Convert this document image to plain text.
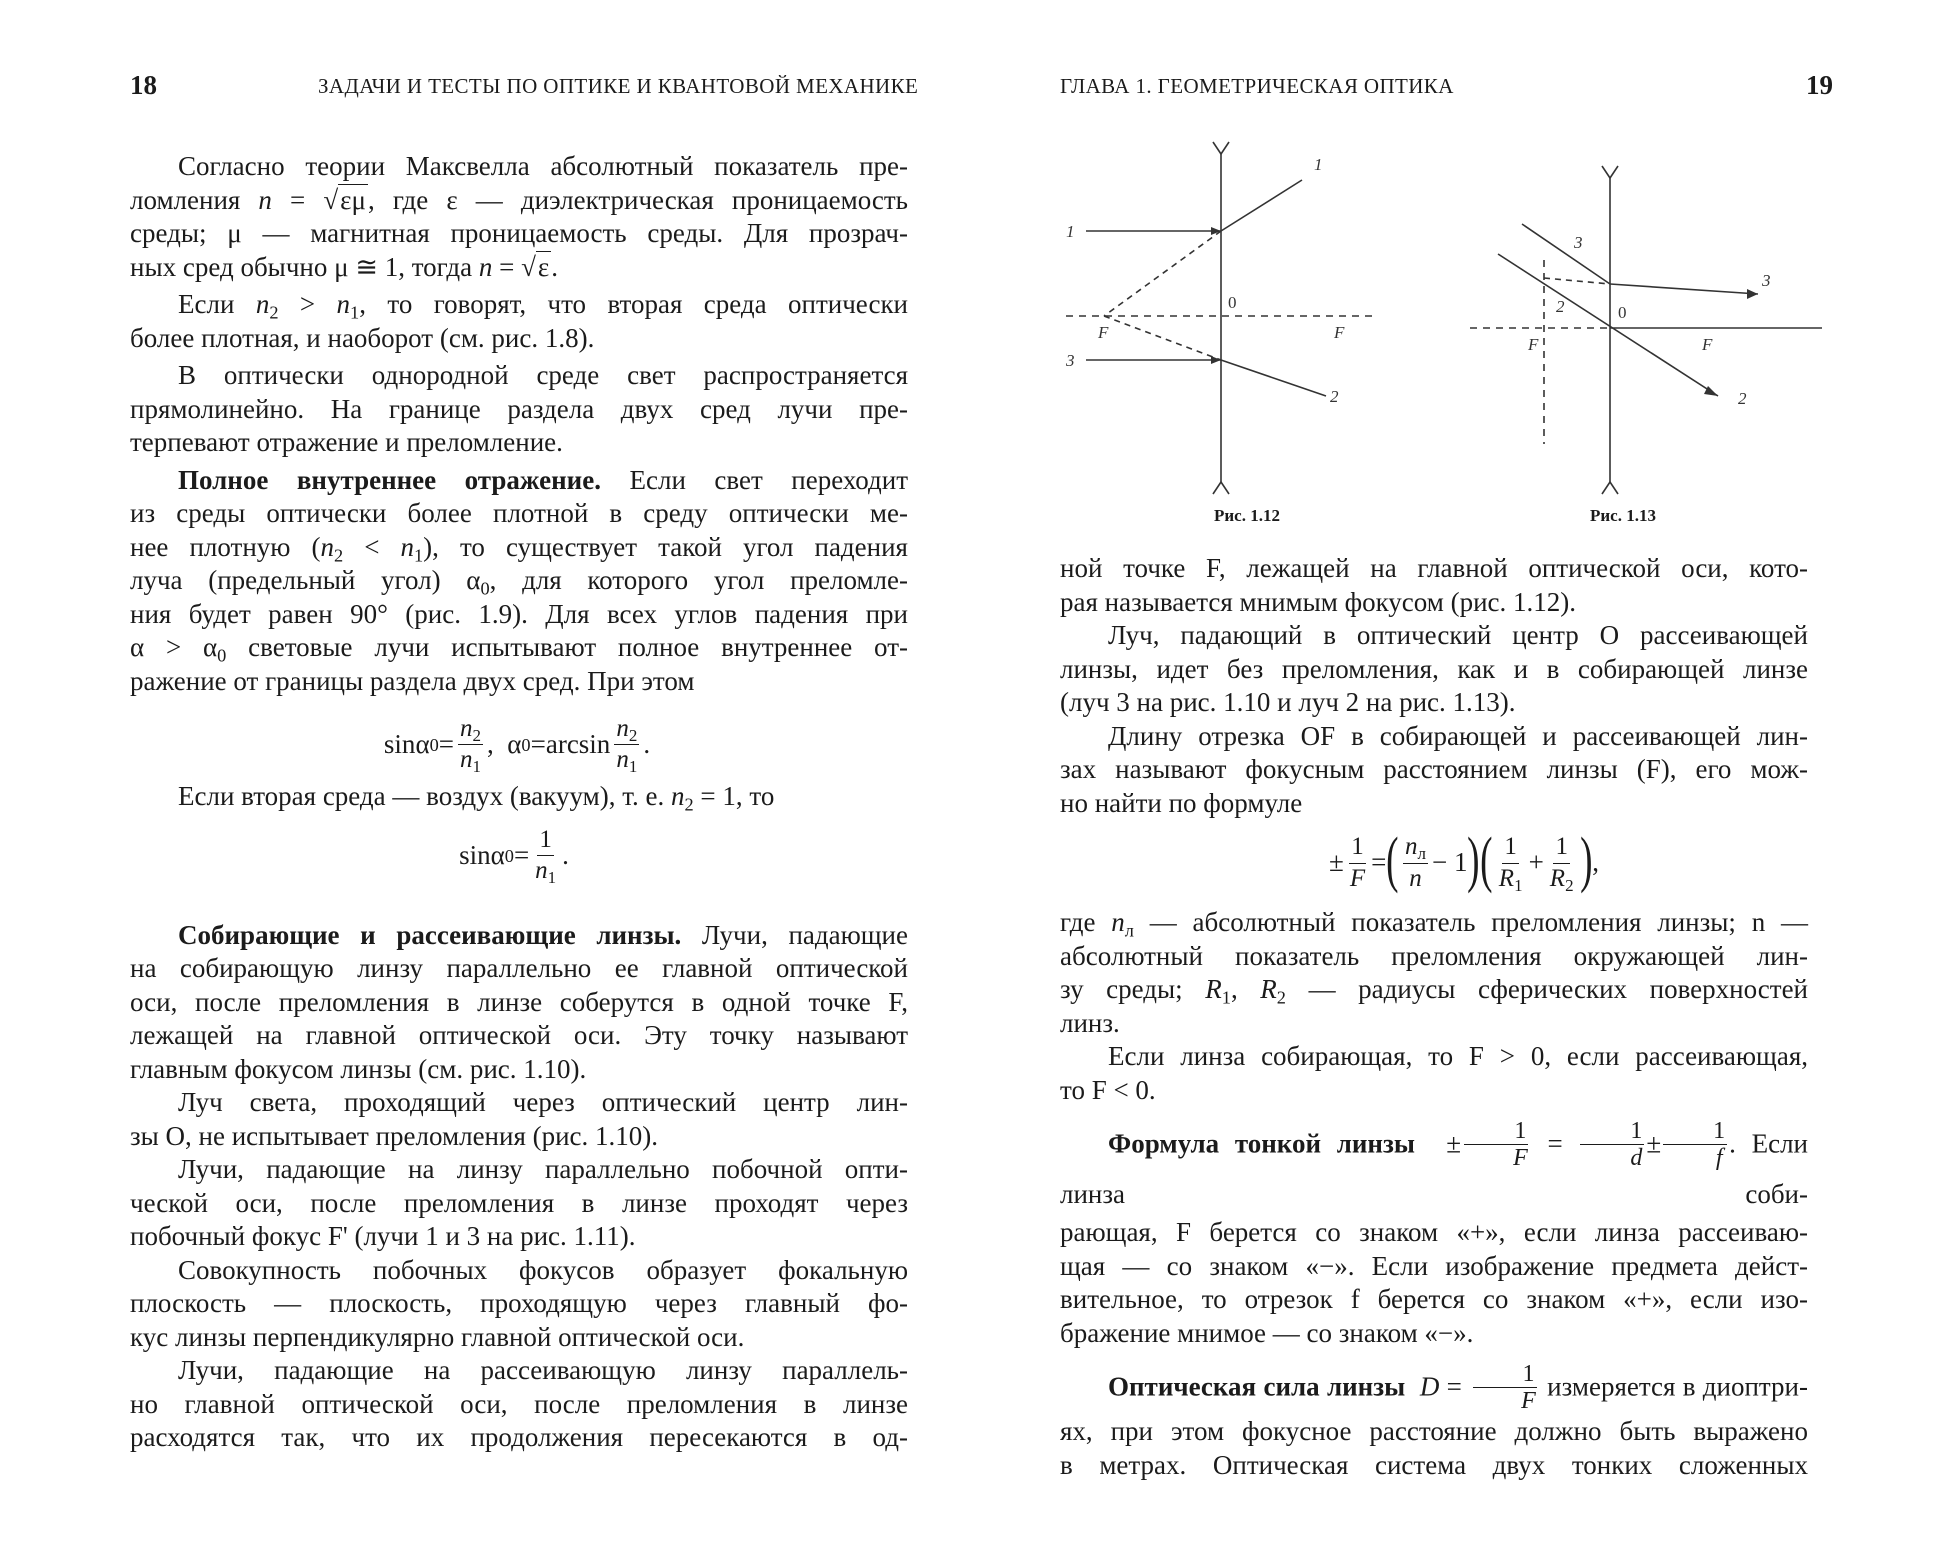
18	ЗАДАЧИ И ТЕСТЫ ПО ОПТИКЕ И КВАНТОВОЙ МЕХАНИКЕ

Согласно теории Максвелла абсолютный показатель пре-

ломления n = √εμ, где ε — диэлектрическая проницаемость

среды; μ — магнитная проницаемость среды. Для прозрач-

ных сред обычно μ ≅ 1, тогда n = √ε.

Если $n_2 > n_1$, то говорят, что вторая среда оптически

более плотная, и наоборот (см. рис. 1.8).

В оптически однородной среде свет распространяется

прямолинейно. На границе раздела двух сред лучи пре-

терпевают отражение и преломление.

Полное внутреннее отражение. Если свет переходит

из среды оптически более плотной в среду оптически ме-

нее плотную $(n_2 < n_1)$, то существует такой угол падения

луча (предельный угол) $\alpha_0$, для которого угол преломле-

ния будет равен 90° (рис. 1.9). Для всех углов падения при

$\alpha > \alpha_0$ световые лучи испытывают полное внутреннее от-

ражение от границы раздела двух сред. При этом

sin α $0 = \frac{n_2}{n_1}$ ,
α $0 = \arcsin \frac{n_2}{n_1}$ .

Если вторая среда — воздух (вакуум), т. е. $n_2 = 1$, то

sin α $0 = \frac{1}{n_1}$ .

Собирающие и рассеивающие линзы. Лучи, падающие

на собирающую линзу параллельно ее главной оптической

оси, после преломления в линзе соберутся в одной точке F,

лежащей на главной оптической оси. Эту точку называют

главным фокусом линзы (см. рис. 1.10).

Луч света, проходящий через оптический центр лин-

зы O, не испытывает преломления (рис. 1.10).

Лучи, падающие на линзу параллельно побочной опти-

ческой оси, после преломления в линзе проходят через

побочный фокус F' (лучи 1 и 3 на рис. 1.11).

Совокупность побочных фокусов образует фокальную

плоскость — плоскость, проходящую через главный фо-

кус линзы перпендикулярно главной оптической оси.

Лучи, падающие на рассеивающую линзу параллель-

но главной оптической оси, после преломления в линзе

расходятся так, что их продолжения пересекаются в од-

ГЛАВА 1. ГЕОМЕТРИЧЕСКАЯ ОПТИКА	19
1
1
3
2
F	F
0
3
3
2
2
F	F
0
Рис. 1.12	Рис. 1.13

ной точке F, лежащей на главной оптической оси, кото-

рая называется мнимым фокусом (рис. 1.12).

Луч, падающий в оптический центр O рассеивающей

линзы, идет без преломления, как и в собирающей линзе

(луч 3 на рис. 1.10 и луч 2 на рис. 1.13).

Длину отрезка OF в собирающей и рассеивающей лин-

зах называют фокусным расстоянием линзы (F), его мож-

но найти по формуле

± $\frac{1}{F}$ = ( $\frac{n_л}{n} - 1$ ) ( $\frac{1}{R_1} + \frac{1}{R_2}$ ) ,

где $n_л$ — абсолютный показатель преломления линзы; n —

абсолютный показатель преломления окружающей лин-

зу среды; $R_1$, $R_2$ — радиусы сферических поверхностей

линз.

Если линза собирающая, то F > 0, если рассеивающая,

то F < 0.

Формула тонкой линзы ± $\frac{1}{F} = \frac{1}{d} \pm \frac{1}{f}$ . Если линза соби-

рающая, F берется со знаком «+», если линза рассеиваю-

щая — со знаком «−». Если изображение предмета дейст-

вительное, то отрезок f берется со знаком «+», если изо-

бражение мнимое — со знаком «−».

Оптическая сила линзы $D = \frac{1}{F}$ измеряется в диоптри-

ях, при этом фокусное расстояние должно быть выражено

в метрах. Оптическая система двух тонких сложенных
